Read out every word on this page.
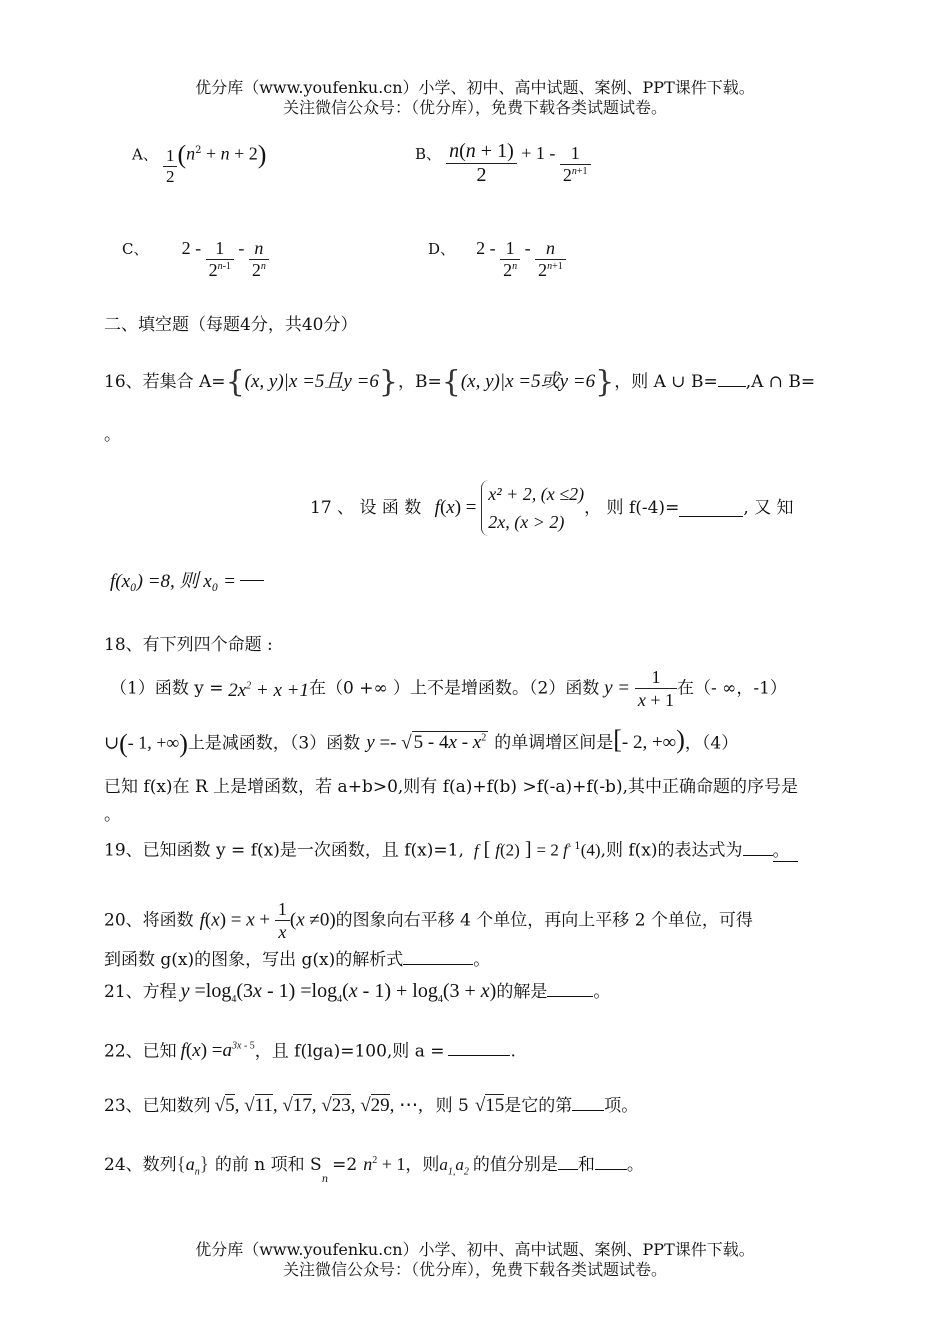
优分库（www.youfenku.cn）小学、初中、高中试题、案例、PPT课件下载。
关注微信公众号：（优分库），免费下载各类试题试卷。
A、 $\frac{1}{2} (n^2 + n + 2)$	B、 $\frac{n(n + 1)}{2} + 1 - \frac{1}{2^{n+1}}$
C、 $2 - \frac{1}{2^{n-1}} - \frac{n}{2^n}$	D、 $2 - \frac{1}{2^n} - \frac{n}{2^{n+1}}$
二、填空题（每题4分，共40分）
16、若集合 A={(x, y)|x =5且y =6}，B={(x, y)|x =5或y =6}，则 A ∪ B= ,A ∩ B=
。
17 、 设 函 数 f(x) =
x² + 2, (x ≤2)
2x, (x > 2)
， 则 f(-4)=	, 又 知
f(x₀) =8, 则 x₀ =
18、有下列四个命题 :
（1）函数 $y = 2x^2 + x +1$在（0 +∞ ）上不是增函数。（2）函数 $y = \frac{1}{x + 1}$ 在（- ∞，-1）
∪(- 1, +∞)上是减函数，（3）函数 y =- √ $5 - 4x - x^2$ 的单调增区间是[- 2, +∞)，（4）
已知 f(x)在 R 上是增函数，若 a+b>0,则有 f(a)+f(b) >f(-a)+f(-b),其中正确命题的序号是
。
19、已知函数 y = f(x)是一次函数，且 f(x)=1, f [ f(2) ] = 2 $f^{- 1}(4)$,则 f(x)的表达式为 。
20、将函数 $f(x) = x + \frac{1}{x} (x \ne 0)$的图象向右平移 4 个单位，再向上平移 2 个单位，可得
到函数 g(x)的图象，写出 g(x)的解析式	。
21、方程 $y =\log_4(3x - 1) =\log_4(x - 1) + \log_4(3 + x)$的解是	。
22、已知 $f(x) =a^{3x - 5}$，且 f(lga)=100,则 a =	.
23、已知数列 √5, √11, √17, √23, √29, ⋯, 则 5 √15是它的第 项。
24、数列$\{a_n\}$ 的前 n 项和 $S_n=2$ $n^2 + 1$，则$a_{1,}a_2$ 的值分别是 和 。
优分库（www.youfenku.cn）小学、初中、高中试题、案例、PPT课件下载。
关注微信公众号：（优分库），免费下载各类试题试卷。
